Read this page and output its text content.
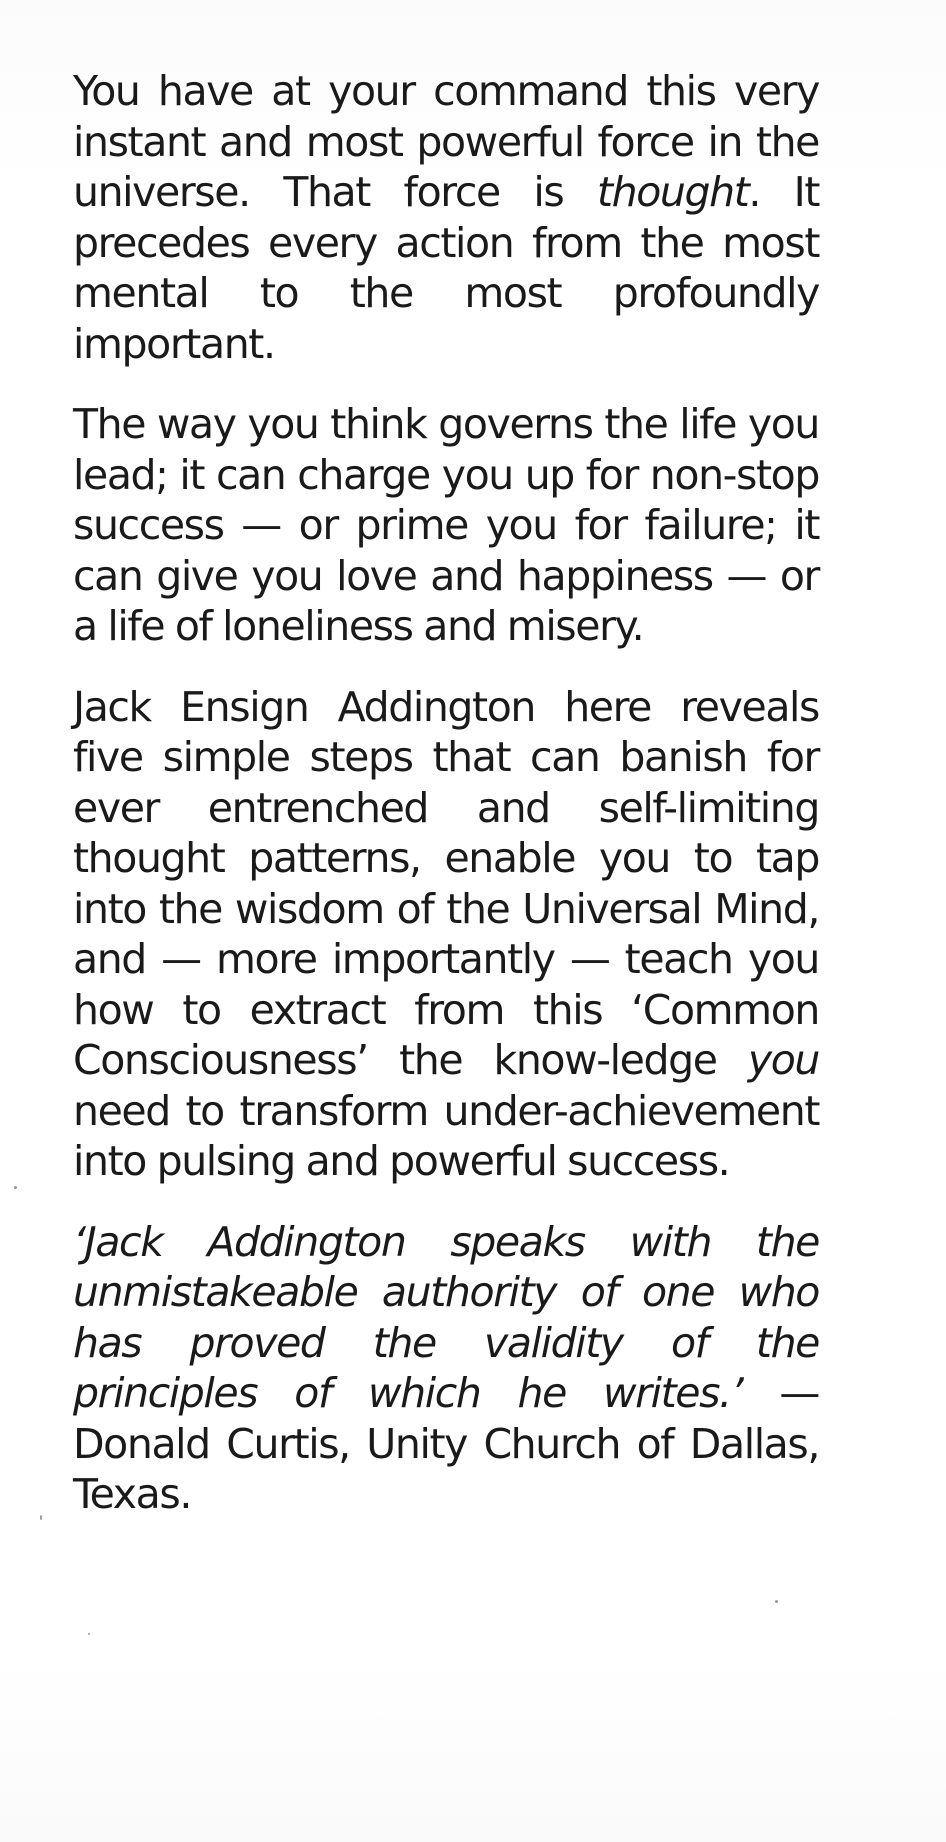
You have at your command this very instant and most powerful force in the universe. That force is thought. It precedes every action from the most mental to the most profoundly important.

The way you think governs the life you lead; it can charge you up for non-stop success — or prime you for failure; it can give you love and happiness — or a life of loneliness and misery.

Jack Ensign Addington here reveals five simple steps that can banish for ever entrenched and self-limiting thought patterns, enable you to tap into the wisdom of the Universal Mind, and — more importantly — teach you how to extract from this ‘Common Consciousness’ the know-ledge you need to transform under-achievement into pulsing and powerful success.

‘Jack Addington speaks with the unmistakeable authority of one who has proved the validity of the principles of which he writes.’ — Donald Curtis, Unity Church of Dallas, Texas.
